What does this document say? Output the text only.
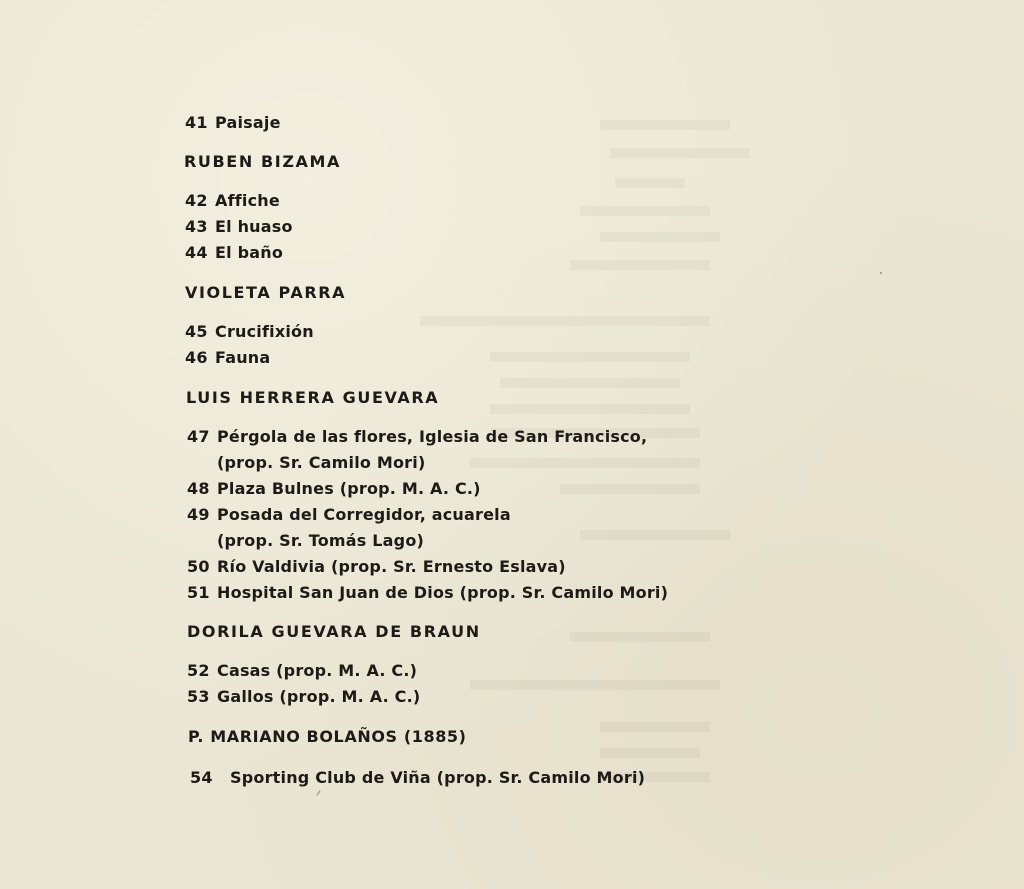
41 Paisaje
RUBEN BIZAMA
42 Affiche
43 El huaso
44 El baño
VIOLETA PARRA
45 Crucifixión
46 Fauna
LUIS HERRERA GUEVARA
47 Pérgola de las flores, Iglesia de San Francisco,
(prop. Sr. Camilo Mori)
48 Plaza Bulnes (prop. M. A. C.)
49 Posada del Corregidor, acuarela
(prop. Sr. Tomás Lago)
50 Río Valdivia (prop. Sr. Ernesto Eslava)
51 Hospital San Juan de Dios (prop. Sr. Camilo Mori)
DORILA GUEVARA DE BRAUN
52 Casas (prop. M. A. C.)
53 Gallos (prop. M. A. C.)
P. MARIANO BOLAÑOS (1885)
54 Sporting Club de Viña (prop. Sr. Camilo Mori)
